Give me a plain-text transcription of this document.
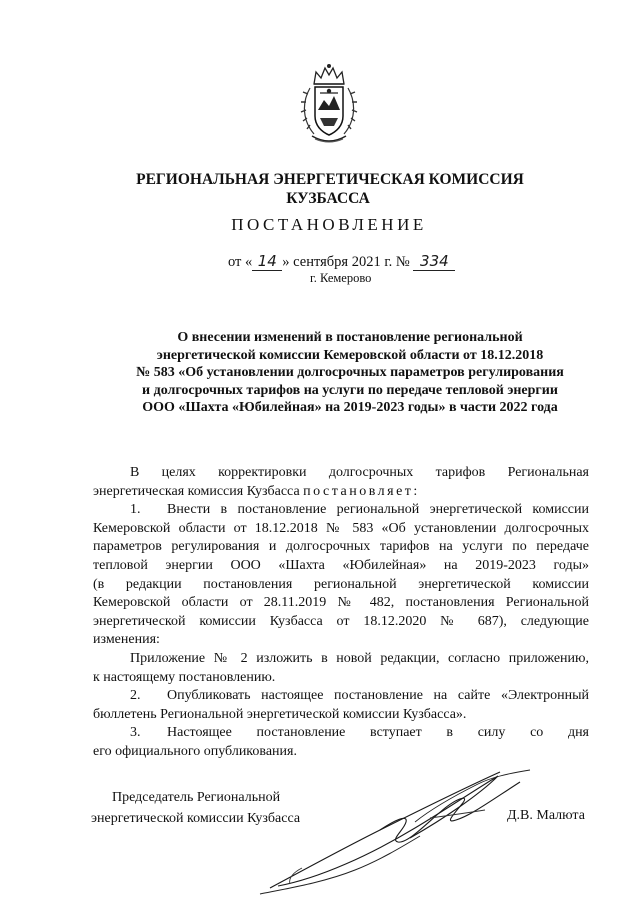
РЕГИОНАЛЬНАЯ ЭНЕРГЕТИЧЕСКАЯ КОМИССИЯ
КУЗБАССА
ПОСТАНОВЛЕНИЕ
от « 14 » сентября 2021 г. № 334
г. Кемерово
О внесении изменений в постановление региональной
энергетической комиссии Кемеровской области от 18.12.2018
№ 583 «Об установлении долгосрочных параметров регулирования
и долгосрочных тарифов на услуги по передаче тепловой энергии
ООО «Шахта «Юбилейная» на 2019-2023 годы» в части 2022 года
В целях корректировки долгосрочных тарифов Региональная
энергетическая комиссия Кузбасса постановляет:
1.	Внести в постановление региональной энергетической комиссии
Кемеровской области от 18.12.2018 № 583 «Об установлении долгосрочных
параметров регулирования и долгосрочных тарифов на услуги по передаче
тепловой энергии ООО «Шахта «Юбилейная» на 2019-2023 годы»
(в редакции постановления региональной энергетической комиссии
Кемеровской области от 28.11.2019 № 482, постановления Региональной
энергетической комиссии Кузбасса от 18.12.2020 № 687), следующие
изменения:
Приложение № 2 изложить в новой редакции, согласно приложению,
к настоящему постановлению.
2.	Опубликовать настоящее постановление на сайте «Электронный
бюллетень Региональной энергетической комиссии Кузбасса».
3.	Настоящее постановление вступает в силу со дня
его официального опубликования.
Председатель Региональной
энергетической комиссии Кузбасса	Д.В. Малюта
